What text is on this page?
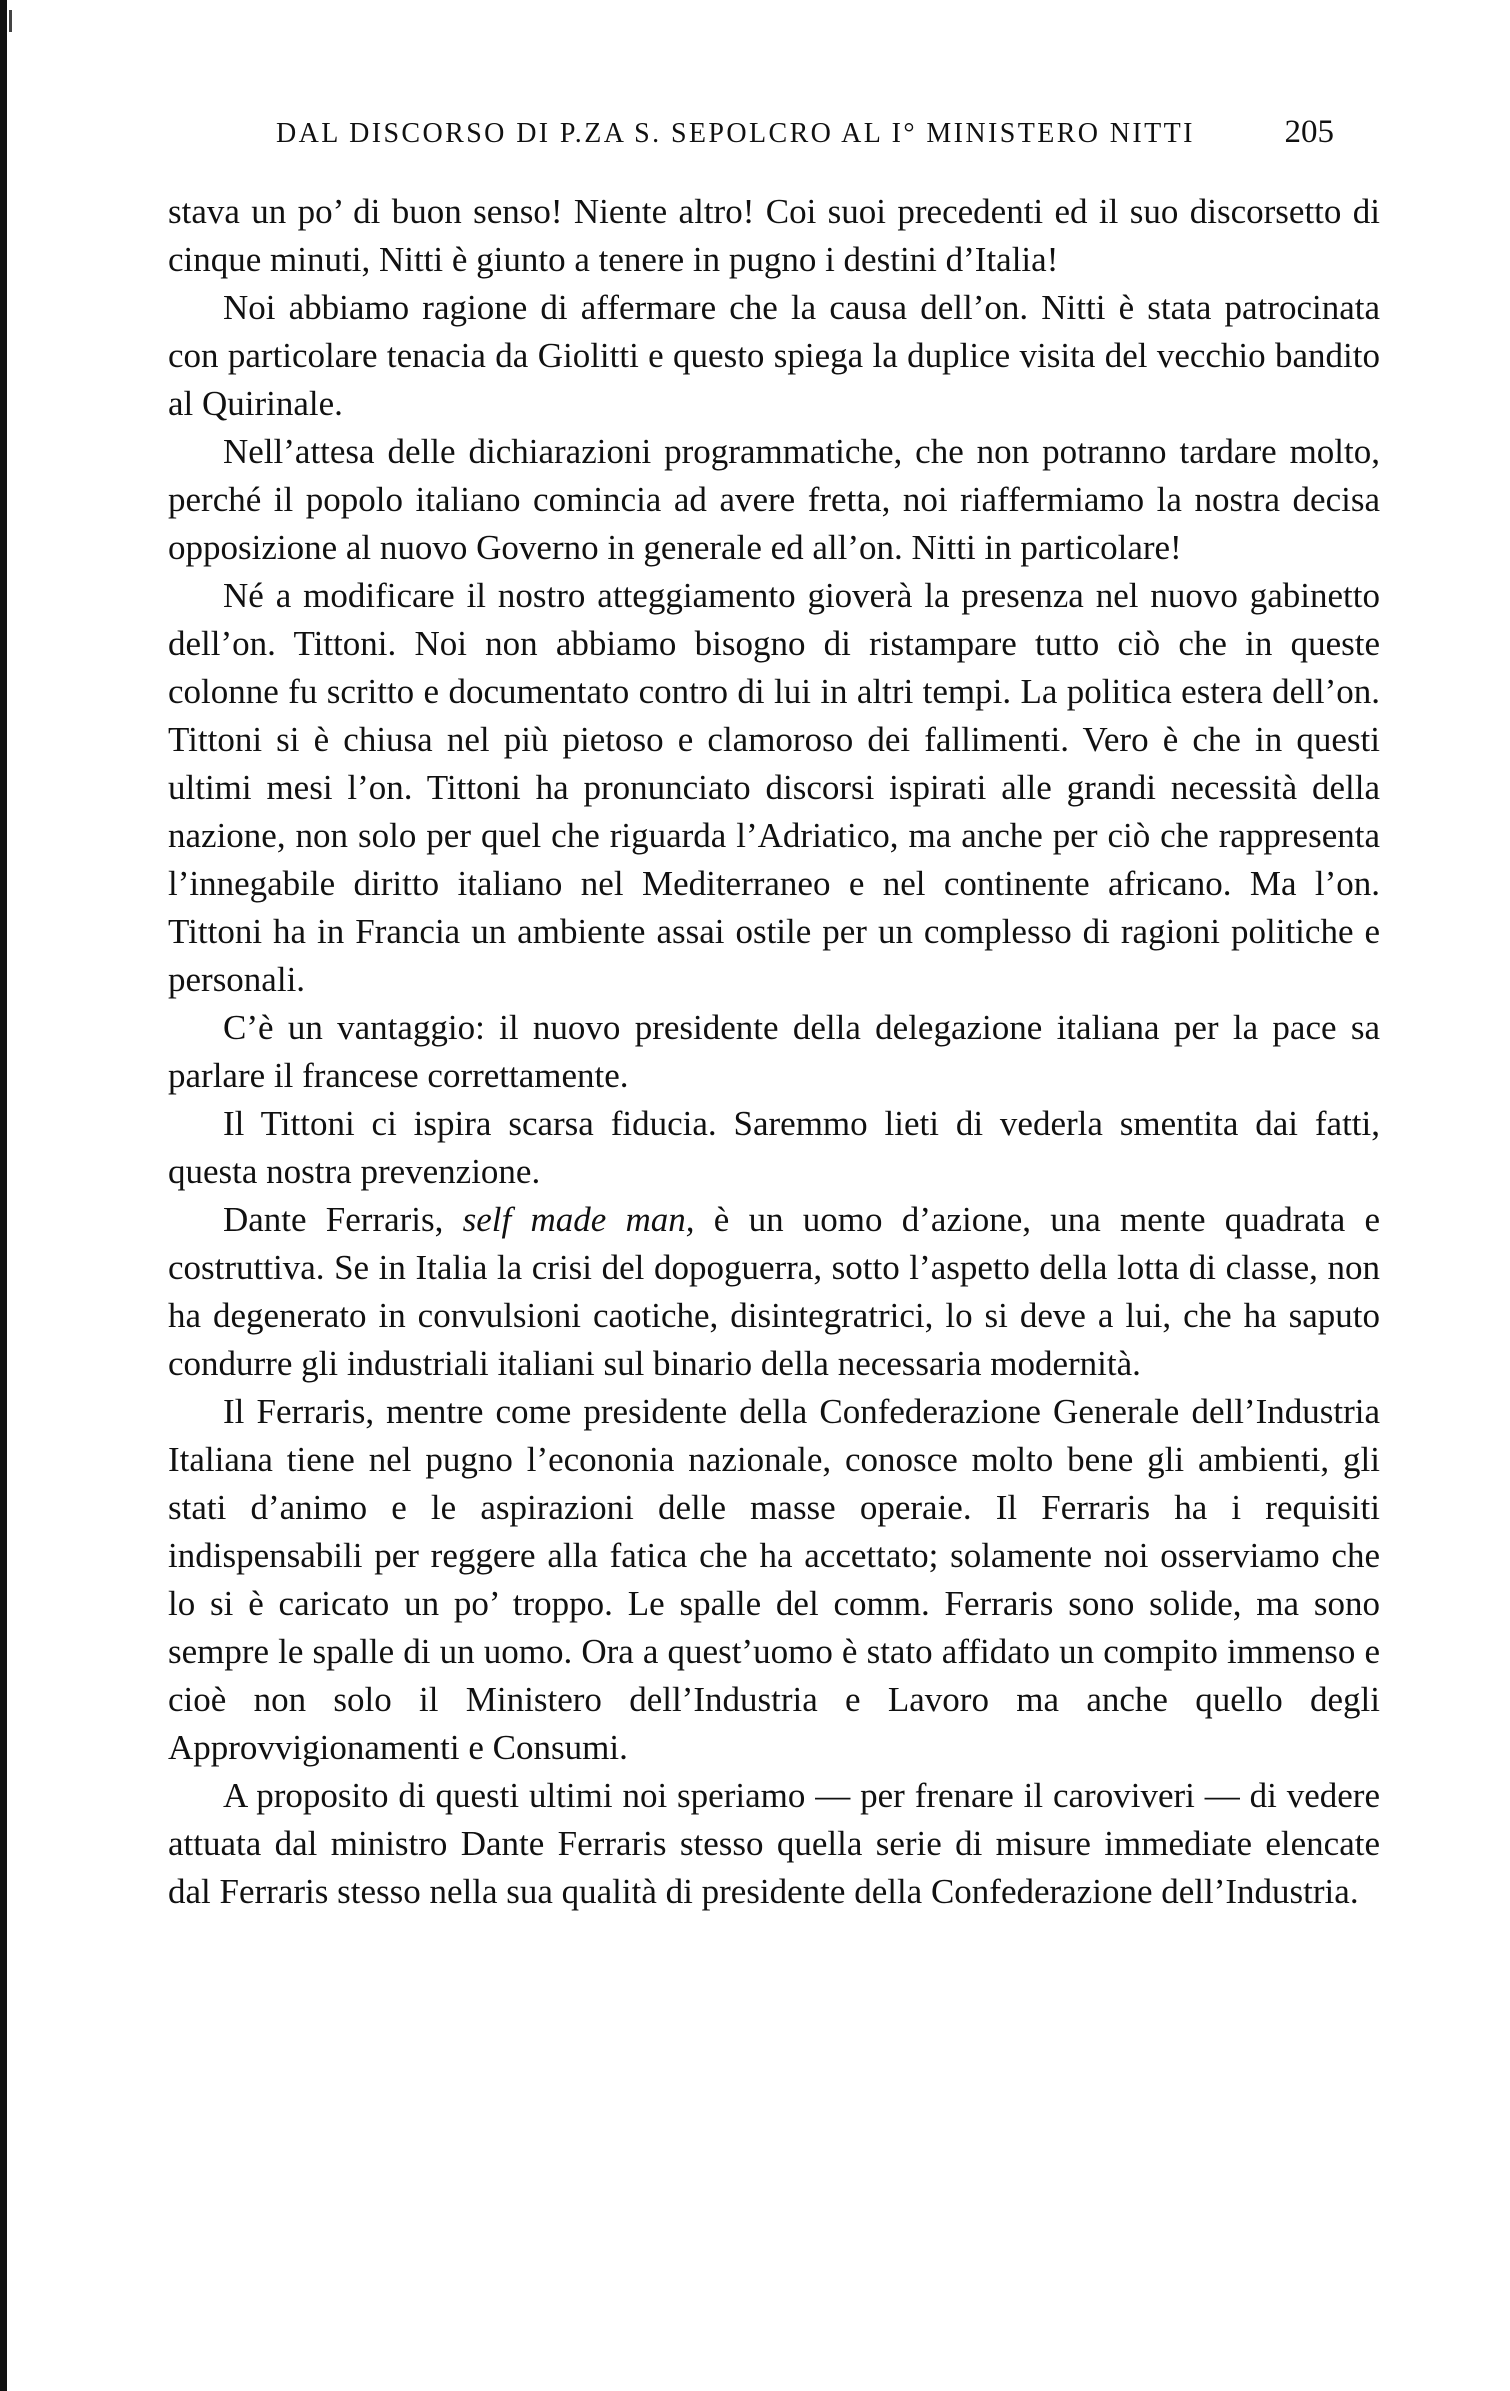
DAL DISCORSO DI P.ZA S. SEPOLCRO AL I° MINISTERO NITTI	205

stava un po’ di buon senso! Niente altro! Coi suoi precedenti ed il suo discorsetto di cinque minuti, Nitti è giunto a tenere in pugno i destini d’Italia!

Noi abbiamo ragione di affermare che la causa dell’on. Nitti è stata patrocinata con particolare tenacia da Giolitti e questo spiega la duplice visita del vecchio bandito al Quirinale.

Nell’attesa delle dichiarazioni programmatiche, che non potranno tardare molto, perché il popolo italiano comincia ad avere fretta, noi riaffermiamo la nostra decisa opposizione al nuovo Governo in generale ed all’on. Nitti in particolare!

Né a modificare il nostro atteggiamento gioverà la presenza nel nuovo gabinetto dell’on. Tittoni. Noi non abbiamo bisogno di ristampare tutto ciò che in queste colonne fu scritto e documentato contro di lui in altri tempi. La politica estera dell’on. Tittoni si è chiusa nel più pietoso e clamoroso dei fallimenti. Vero è che in questi ultimi mesi l’on. Tittoni ha pronunciato discorsi ispirati alle grandi necessità della nazione, non solo per quel che riguarda l’Adriatico, ma anche per ciò che rappresenta l’innegabile diritto italiano nel Mediterraneo e nel continente africano. Ma l’on. Tittoni ha in Francia un ambiente assai ostile per un complesso di ragioni politiche e personali.

C’è un vantaggio: il nuovo presidente della delegazione italiana per la pace sa parlare il francese correttamente.

Il Tittoni ci ispira scarsa fiducia. Saremmo lieti di vederla smentita dai fatti, questa nostra prevenzione.

Dante Ferraris, self made man, è un uomo d’azione, una mente quadrata e costruttiva. Se in Italia la crisi del dopoguerra, sotto l’aspetto della lotta di classe, non ha degenerato in convulsioni caotiche, disintegratrici, lo si deve a lui, che ha saputo condurre gli industriali italiani sul binario della necessaria modernità.

Il Ferraris, mentre come presidente della Confederazione Generale dell’Industria Italiana tiene nel pugno l’econonia nazionale, conosce molto bene gli ambienti, gli stati d’animo e le aspirazioni delle masse operaie. Il Ferraris ha i requisiti indispensabili per reggere alla fatica che ha accettato; solamente noi osserviamo che lo si è caricato un po’ troppo. Le spalle del comm. Ferraris sono solide, ma sono sempre le spalle di un uomo. Ora a quest’uomo è stato affidato un compito immenso e cioè non solo il Ministero dell’Industria e Lavoro ma anche quello degli Approvvigionamenti e Consumi.

A proposito di questi ultimi noi speriamo — per frenare il caroviveri — di vedere attuata dal ministro Dante Ferraris stesso quella serie di misure immediate elencate dal Ferraris stesso nella sua qualità di presidente della Confederazione dell’Industria.
